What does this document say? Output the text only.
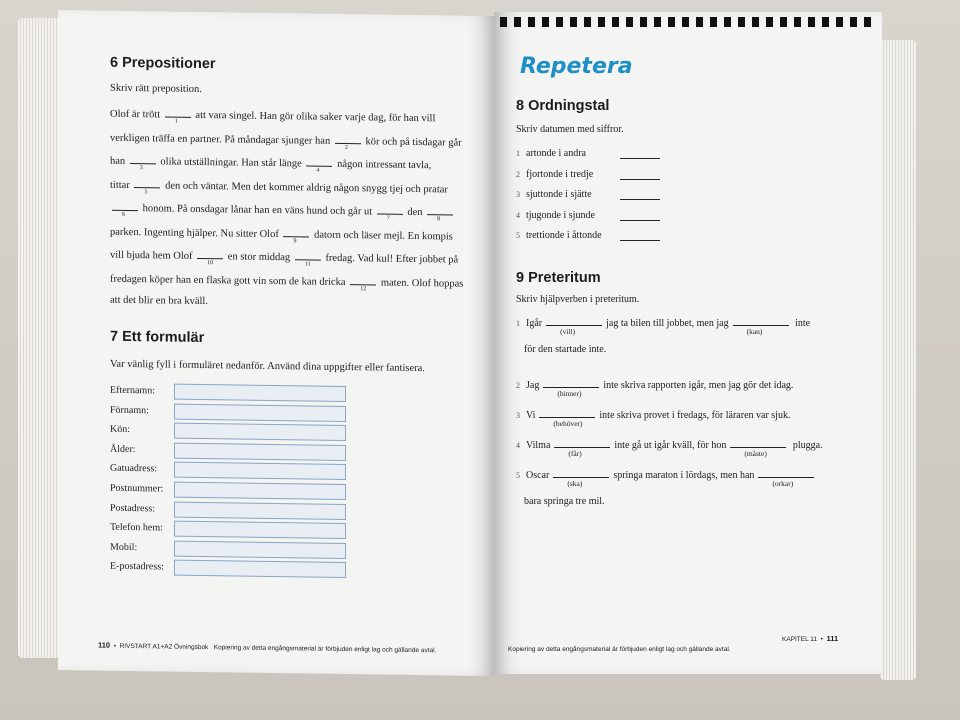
6 Prepositioner
Skriv rätt preposition.
Olof är trött
1 att vara singel. Han gör olika saker varje dag, för han vill
verkligen träffa en partner. På måndagar sjunger han
2 kör och på tisdagar går
han
3 olika utställningar. Han står länge
4 någon intressant tavla,
tittar
5 den och väntar. Men det kommer aldrig någon snygg tjej och pratar
6 honom. På onsdagar lånar han en väns hund och går ut
7
den
8
parken. Ingenting hjälper. Nu sitter Olof
9 datorn och läser mejl. En kompis
vill bjuda hem Olof
10 en stor middag
11 fredag. Vad kul! Efter jobbet på
fredagen köper han en flaska gott vin som de kan dricka
12 maten. Olof hoppas
att det blir en bra kväll.
7 Ett formulär
Var vänlig fyll i formuläret nedanför. Använd dina uppgifter eller fantisera.
Efternamn:
Förnamn:
Kön:
Ålder:
Gatuadress:
Postnummer:
Postadress:
Telefon hem:
Mobil:
E-postadress:
110  •  RIVSTART A1+A2 Övningsbok Kopiering av detta engångsmaterial är förbjuden enligt lag och gällande avtal.
Repetera
8 Ordningstal
Skriv datumen med siffror.
1 artonde i andra
2 fjortonde i tredje
3 sjuttonde i sjätte
4 tjugonde i sjunde
5 trettionde i åttonde
9 Preteritum
Skriv hjälpverben i preteritum.
1 Igår
(vill)
jag ta bilen till jobbet, men jag
(kan)
inte
för den startade inte.
2 Jag
(hinner)
inte skriva rapporten igår, men jag gör det idag.
3 Vi
(behöver)
inte skriva provet i fredags, för läraren var sjuk.
4 Vilma
(får)
inte gå ut igår kväll, för hon
(måste)
plugga.
5 Oscar
(ska)
springa maraton i lördags, men han
(orkar)
bara springa tre mil.
Kopiering av detta engångsmaterial är förbjuden enligt lag och gällande avtal.
KAPITEL 11  •  111
